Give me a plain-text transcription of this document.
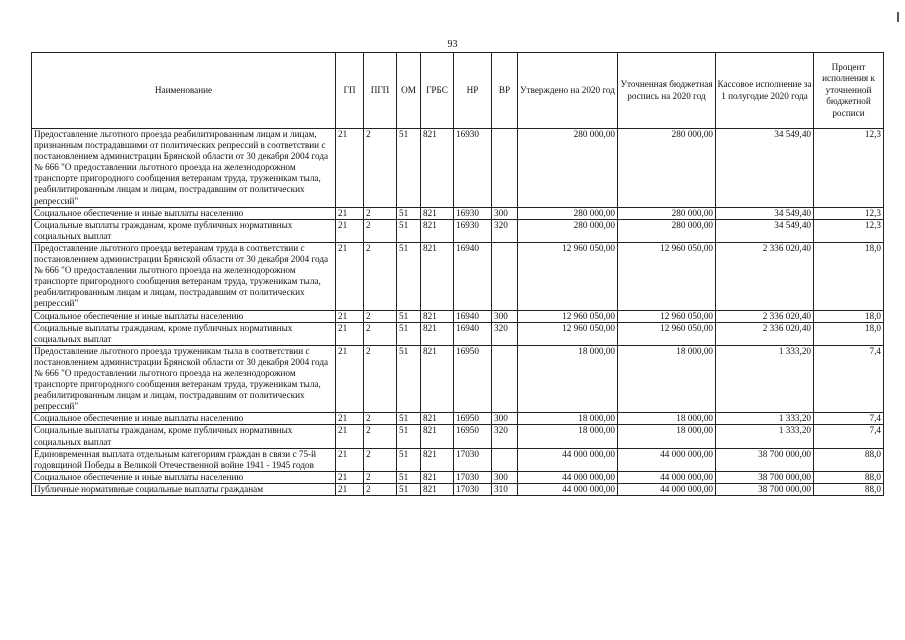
93
Наименование	ГП	ПГП	ОМ	ГРБС	НР	ВР	Утверждено на 2020 год	Уточненная бюджетная роспись на 2020 год	Кассовое исполнение за 1 полугодие 2020 года	Процент исполнения к уточненной бюджетной росписи
Предоставление льготного проезда реабилитированным лицам и лицам, признанным пострадавшими от политических репрессий в соответствии с постановлением администрации Брянской области от 30 декабря 2004 года № 666 "О предоставлении льготного проезда на железнодорожном транспорте пригородного сообщения ветеранам труда, труженикам тыла, реабилитированным лицам и лицам, пострадавшим от политических репрессий"	21	2	51	821	16930		280 000,00	280 000,00	34 549,40	12,3
Социальное обеспечение и иные выплаты населению	21	2	51	821	16930	300	280 000,00	280 000,00	34 549,40	12,3
Социальные выплаты гражданам, кроме публичных нормативных социальных выплат	21	2	51	821	16930	320	280 000,00	280 000,00	34 549,40	12,3
Предоставление льготного проезда ветеранам труда в соответствии с постановлением администрации Брянской области от 30 декабря 2004 года № 666 "О предоставлении льготного проезда на железнодорожном транспорте пригородного сообщения ветеранам труда, труженикам тыла, реабилитированным лицам и лицам, пострадавшим от политических репрессий"	21	2	51	821	16940		12 960 050,00	12 960 050,00	2 336 020,40	18,0
Социальное обеспечение и иные выплаты населению	21	2	51	821	16940	300	12 960 050,00	12 960 050,00	2 336 020,40	18,0
Социальные выплаты гражданам, кроме публичных нормативных социальных выплат	21	2	51	821	16940	320	12 960 050,00	12 960 050,00	2 336 020,40	18,0
Предоставление льготного проезда труженикам тыла в соответствии с постановлением администрации Брянской области от 30 декабря 2004 года № 666 "О предоставлении льготного проезда на железнодорожном транспорте пригородного сообщения ветеранам труда, труженикам тыла, реабилитированным лицам и лицам, пострадавшим от политических репрессий"	21	2	51	821	16950		18 000,00	18 000,00	1 333,20	7,4
Социальное обеспечение и иные выплаты населению	21	2	51	821	16950	300	18 000,00	18 000,00	1 333,20	7,4
Социальные выплаты гражданам, кроме публичных нормативных социальных выплат	21	2	51	821	16950	320	18 000,00	18 000,00	1 333,20	7,4
Единовременная выплата отдельным категориям граждан в связи с 75-й годовщиной Победы в Великой Отечественной войне 1941 - 1945 годов	21	2	51	821	17030		44 000 000,00	44 000 000,00	38 700 000,00	88,0
Социальное обеспечение и иные выплаты населению	21	2	51	821	17030	300	44 000 000,00	44 000 000,00	38 700 000,00	88,0
Публичные нормативные социальные выплаты гражданам	21	2	51	821	17030	310	44 000 000,00	44 000 000,00	38 700 000,00	88,0
